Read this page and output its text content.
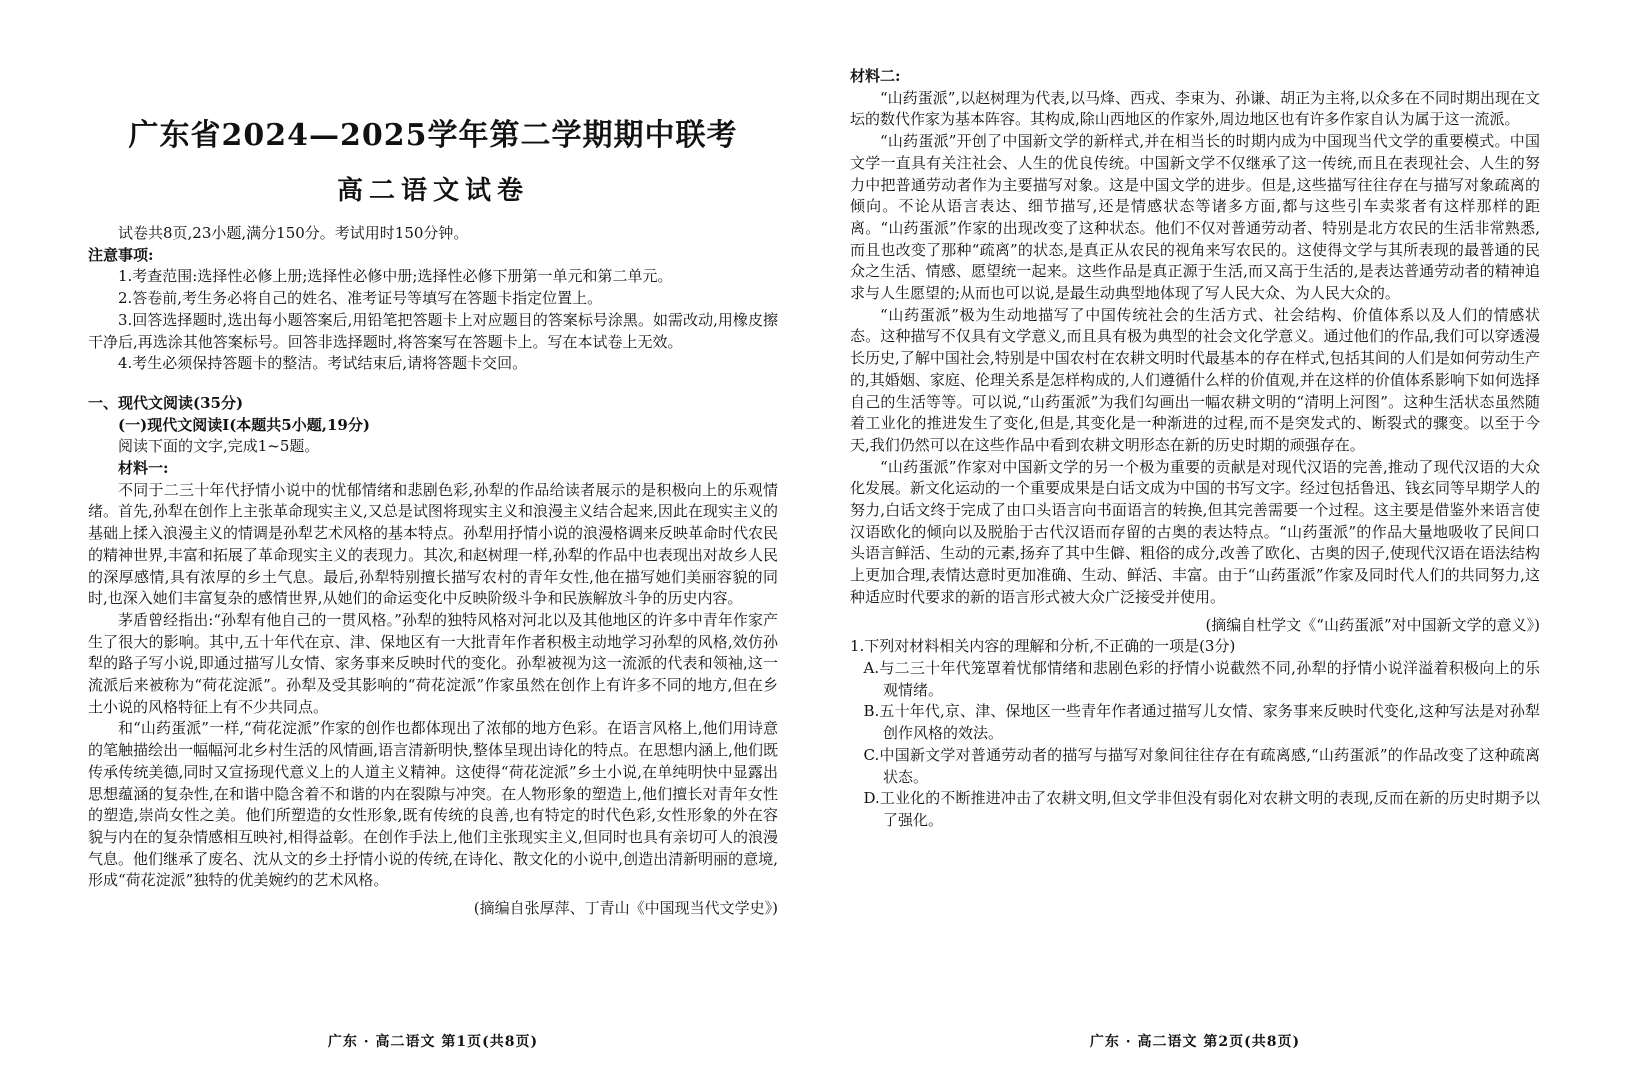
广东省2024—2025学年第二学期期中联考
高二语文试卷

试卷共8页,23小题,满分150分。考试用时150分钟。

注意事项:

1.考查范围:选择性必修上册;选择性必修中册;选择性必修下册第一单元和第二单元。

2.答卷前,考生务必将自己的姓名、准考证号等填写在答题卡指定位置上。

3.回答选择题时,选出每小题答案后,用铅笔把答题卡上对应题目的答案标号涂黑。如需改动,用橡皮擦干净后,再选涂其他答案标号。回答非选择题时,将答案写在答题卡上。写在本试卷上无效。

4.考生必须保持答题卡的整洁。考试结束后,请将答题卡交回。

一、现代文阅读(35分)

(一)现代文阅读Ⅰ(本题共5小题,19分)

阅读下面的文字,完成1~5题。

材料一:

不同于二三十年代抒情小说中的忧郁情绪和悲剧色彩,孙犁的作品给读者展示的是积极向上的乐观情绪。首先,孙犁在创作上主张革命现实主义,又总是试图将现实主义和浪漫主义结合起来,因此在现实主义的基础上揉入浪漫主义的情调是孙犁艺术风格的基本特点。孙犁用抒情小说的浪漫格调来反映革命时代农民的精神世界,丰富和拓展了革命现实主义的表现力。其次,和赵树理一样,孙犁的作品中也表现出对故乡人民的深厚感情,具有浓厚的乡土气息。最后,孙犁特别擅长描写农村的青年女性,他在描写她们美丽容貌的同时,也深入她们丰富复杂的感情世界,从她们的命运变化中反映阶级斗争和民族解放斗争的历史内容。

茅盾曾经指出:“孙犁有他自己的一贯风格。”孙犁的独特风格对河北以及其他地区的许多中青年作家产生了很大的影响。其中,五十年代在京、津、保地区有一大批青年作者积极主动地学习孙犁的风格,效仿孙犁的路子写小说,即通过描写儿女情、家务事来反映时代的变化。孙犁被视为这一流派的代表和领袖,这一流派后来被称为“荷花淀派”。孙犁及受其影响的“荷花淀派”作家虽然在创作上有许多不同的地方,但在乡土小说的风格特征上有不少共同点。

和“山药蛋派”一样,“荷花淀派”作家的创作也都体现出了浓郁的地方色彩。在语言风格上,他们用诗意的笔触描绘出一幅幅河北乡村生活的风情画,语言清新明快,整体呈现出诗化的特点。在思想内涵上,他们既传承传统美德,同时又宣扬现代意义上的人道主义精神。这使得“荷花淀派”乡土小说,在单纯明快中显露出思想蕴涵的复杂性,在和谐中隐含着不和谐的内在裂隙与冲突。在人物形象的塑造上,他们擅长对青年女性的塑造,崇尚女性之美。他们所塑造的女性形象,既有传统的良善,也有特定的时代色彩,女性形象的外在容貌与内在的复杂情感相互映衬,相得益彰。在创作手法上,他们主张现实主义,但同时也具有亲切可人的浪漫气息。他们继承了废名、沈从文的乡土抒情小说的传统,在诗化、散文化的小说中,创造出清新明丽的意境,形成“荷花淀派”独特的优美婉约的艺术风格。

(摘编自张厚萍、丁青山《中国现当代文学史》)

广东 · 高二语文 第1页(共8页)

材料二:

“山药蛋派”,以赵树理为代表,以马烽、西戎、李束为、孙谦、胡正为主将,以众多在不同时期出现在文坛的数代作家为基本阵容。其构成,除山西地区的作家外,周边地区也有许多作家自认为属于这一流派。

“山药蛋派”开创了中国新文学的新样式,并在相当长的时期内成为中国现当代文学的重要模式。中国文学一直具有关注社会、人生的优良传统。中国新文学不仅继承了这一传统,而且在表现社会、人生的努力中把普通劳动者作为主要描写对象。这是中国文学的进步。但是,这些描写往往存在与描写对象疏离的倾向。不论从语言表达、细节描写,还是情感状态等诸多方面,都与这些引车卖浆者有这样那样的距离。“山药蛋派”作家的出现改变了这种状态。他们不仅对普通劳动者、特别是北方农民的生活非常熟悉,而且也改变了那种“疏离”的状态,是真正从农民的视角来写农民的。这使得文学与其所表现的最普通的民众之生活、情感、愿望统一起来。这些作品是真正源于生活,而又高于生活的,是表达普通劳动者的精神追求与人生愿望的;从而也可以说,是最生动典型地体现了写人民大众、为人民大众的。

“山药蛋派”极为生动地描写了中国传统社会的生活方式、社会结构、价值体系以及人们的情感状态。这种描写不仅具有文学意义,而且具有极为典型的社会文化学意义。通过他们的作品,我们可以穿透漫长历史,了解中国社会,特别是中国农村在农耕文明时代最基本的存在样式,包括其间的人们是如何劳动生产的,其婚姻、家庭、伦理关系是怎样构成的,人们遵循什么样的价值观,并在这样的价值体系影响下如何选择自己的生活等等。可以说,“山药蛋派”为我们勾画出一幅农耕文明的“清明上河图”。这种生活状态虽然随着工业化的推进发生了变化,但是,其变化是一种渐进的过程,而不是突发式的、断裂式的骤变。以至于今天,我们仍然可以在这些作品中看到农耕文明形态在新的历史时期的顽强存在。

“山药蛋派”作家对中国新文学的另一个极为重要的贡献是对现代汉语的完善,推动了现代汉语的大众化发展。新文化运动的一个重要成果是白话文成为中国的书写文字。经过包括鲁迅、钱玄同等早期学人的努力,白话文终于完成了由口头语言向书面语言的转换,但其完善需要一个过程。这主要是借鉴外来语言使汉语欧化的倾向以及脱胎于古代汉语而存留的古奥的表达特点。“山药蛋派”的作品大量地吸收了民间口头语言鲜活、生动的元素,扬弃了其中生僻、粗俗的成分,改善了欧化、古奥的因子,使现代汉语在语法结构上更加合理,表情达意时更加准确、生动、鲜活、丰富。由于“山药蛋派”作家及同时代人们的共同努力,这种适应时代要求的新的语言形式被大众广泛接受并使用。

(摘编自杜学文《“山药蛋派”对中国新文学的意义》)

1.下列对材料相关内容的理解和分析,不正确的一项是(3分)

A.与二三十年代笼罩着忧郁情绪和悲剧色彩的抒情小说截然不同,孙犁的抒情小说洋溢着积极向上的乐观情绪。

B.五十年代,京、津、保地区一些青年作者通过描写儿女情、家务事来反映时代变化,这种写法是对孙犁创作风格的效法。

C.中国新文学对普通劳动者的描写与描写对象间往往存在有疏离感,“山药蛋派”的作品改变了这种疏离状态。

D.工业化的不断推进冲击了农耕文明,但文学非但没有弱化对农耕文明的表现,反而在新的历史时期予以了强化。

广东 · 高二语文 第2页(共8页)
